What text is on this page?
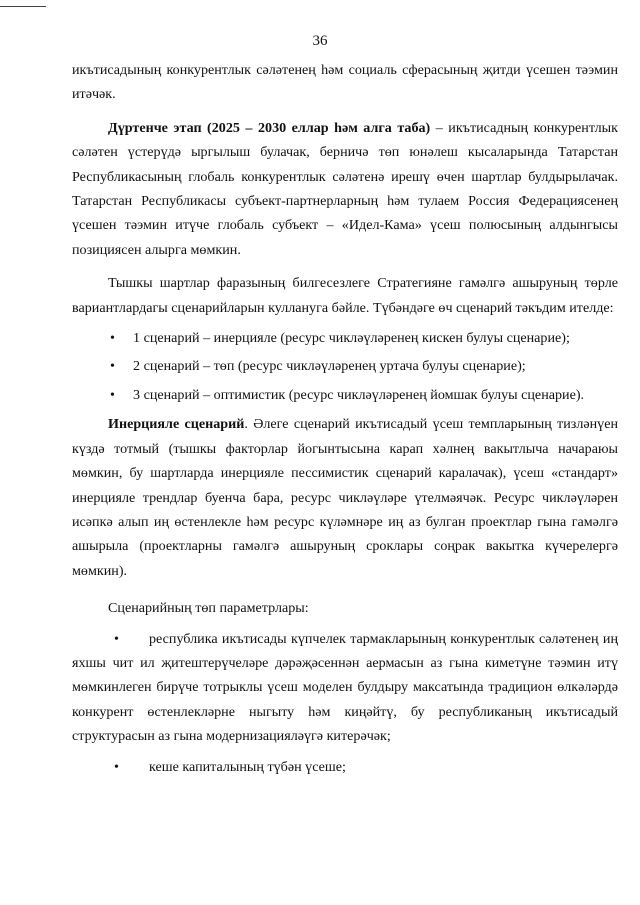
36

икътисадының конкурентлык сәләтенең һәм социаль сферасының җитди үсешен тәэмин итәчәк.

Дүртенче этап (2025 – 2030 еллар һәм алга таба) – икътисадның конкурентлык сәләтен үстерүдә ыргылыш булачак, берничә төп юнәлеш кысаларында Татарстан Республикасының глобаль конкурентлык сәләтенә ирешү өчен шартлар булдырылачак. Татарстан Республикасы субъект-партнерларның һәм тулаем Россия Федерациясенең үсешен тәэмин итүче глобаль субъект – «Идел-Кама» үсеш полюсының алдынгысы позициясен алырга мөмкин.

Тышкы шартлар фаразының билгесезлеге Стратегияне гамәлгә ашыруның төрле вариантлардагы сценарийларын куллануга бәйле. Түбәндәге өч сценарий тәкъдим ителде:

• 1 сценарий – инерцияле (ресурс чикләүләренең кискен булуы сценарие);
• 2 сценарий – төп (ресурс чикләүләренең уртача булуы сценарие);
• 3 сценарий – оптимистик (ресурс чикләүләренең йомшак булуы сценарие).

Инерцияле сценарий. Әлеге сценарий икътисадый үсеш темпларының тизләнүен күздә тотмый (тышкы факторлар йогынтысына карап хәлнең вакытлыча начараюы мөмкин, бу шартларда инерцияле пессимистик сценарий каралачак), үсеш «стандарт» инерцияле трендлар буенча бара, ресурс чикләүләре үтелмәячәк. Ресурс чикләүләрен исәпкә алып иң өстенлекле һәм ресурс күләмнәре иң аз булган проектлар гына гамәлгә ашырыла (проектларны гамәлгә ашыруның сроклары соңрак вакытка күчерелергә мөмкин).

Сценарийның төп параметрлары:

• республика икътисады күпчелек тармакларының конкурентлык сәләтенең иң яхшы чит ил җитештерүчеләре дәрәҗәсеннән аермасын аз гына киметүне тәэмин итү мөмкинлеген бирүче тотрыклы үсеш моделен булдыру максатында традицион өлкәләрдә конкурент өстенлекләрне ныгыту һәм киңәйтү, бу республиканың икътисадый структурасын аз гына модернизацияләүгә китерәчәк;

• кеше капиталының түбән үсеше;
